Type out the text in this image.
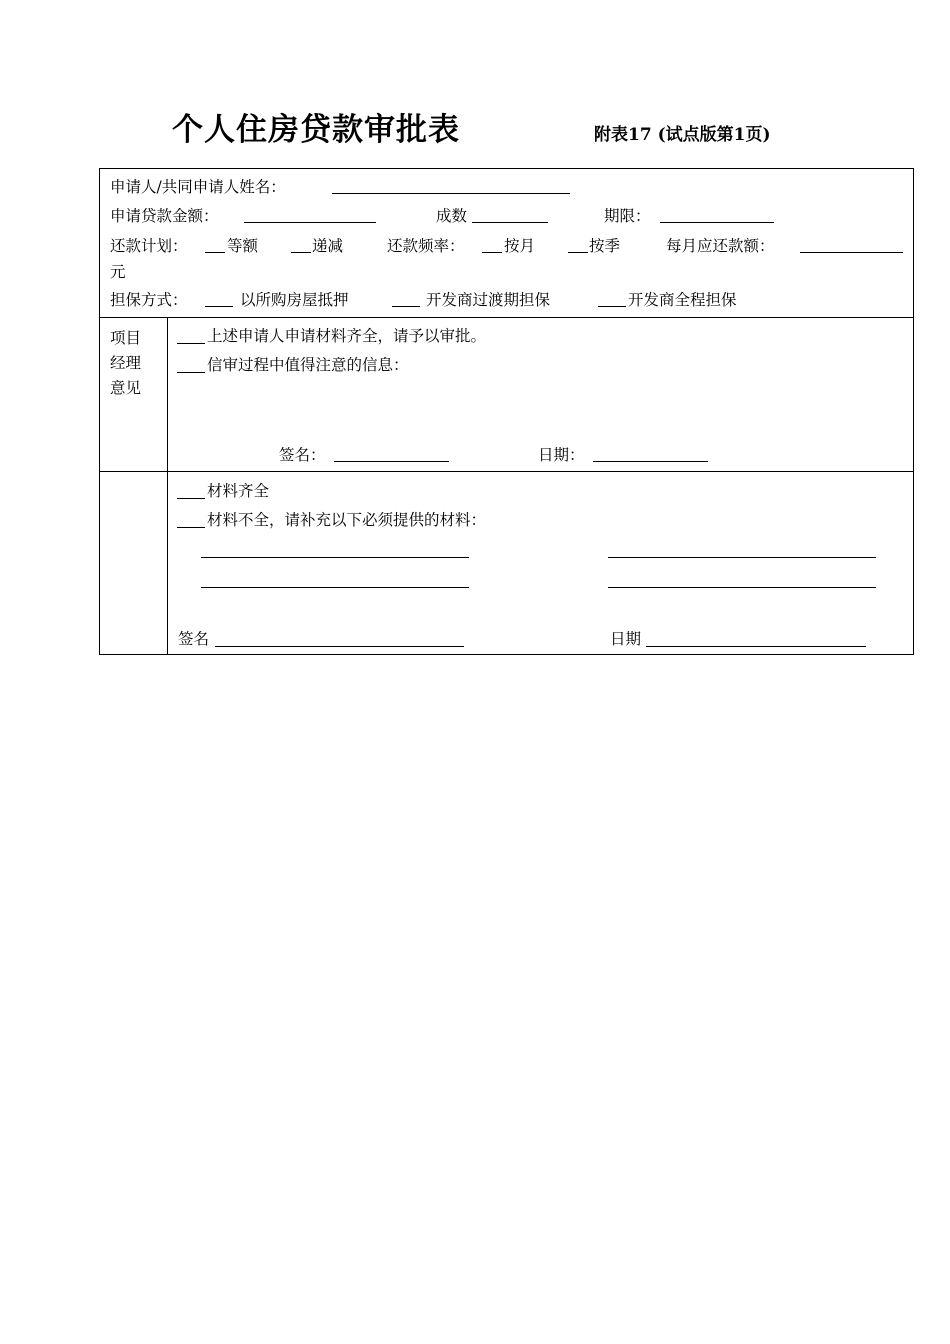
个人住房贷款审批表	附表17 (试点版第1页)
申请人/共同申请人姓名：
申请贷款金额：	成数	期限：
还款计划：	等额	递减	还款频率：	按月	按季	每月应还款额：
元
担保方式：	以所购房屋抵押	开发商过渡期担保	开发商全程担保
项目经理意见
上述申请人申请材料齐全，请予以审批。
信审过程中值得注意的信息：
签名：	日期：
材料齐全
材料不全，请补充以下必须提供的材料：
签名	日期
